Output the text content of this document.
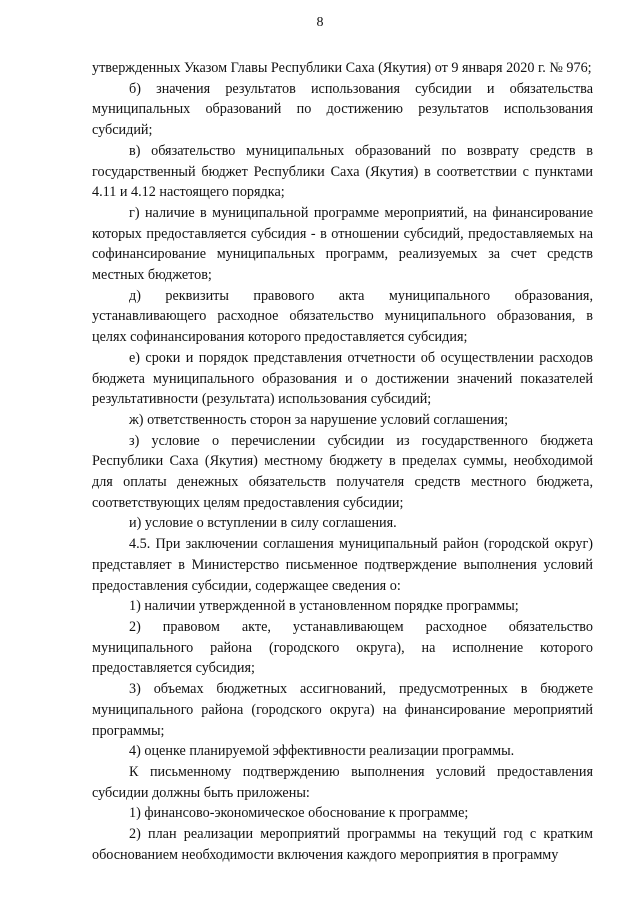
8

утвержденных Указом Главы Республики Саха (Якутия) от 9 января 2020 г. № 976;

б) значения результатов использования субсидии и обязательства муниципальных образований по достижению результатов использования субсидий;

в) обязательство муниципальных образований по возврату средств в государственный бюджет Республики Саха (Якутия) в соответствии с пунктами 4.11 и 4.12 настоящего порядка;

г) наличие в муниципальной программе мероприятий, на финансирование которых предоставляется субсидия - в отношении субсидий, предоставляемых на софинансирование муниципальных программ, реализуемых за счет средств местных бюджетов;

д) реквизиты правового акта муниципального образования, устанавливающего расходное обязательство муниципального образования, в целях софинансирования которого предоставляется субсидия;

е) сроки и порядок представления отчетности об осуществлении расходов бюджета муниципального образования и о достижении значений показателей результативности (результата) использования субсидий;

ж) ответственность сторон за нарушение условий соглашения;

з) условие о перечислении субсидии из государственного бюджета Республики Саха (Якутия) местному бюджету в пределах суммы, необходимой для оплаты денежных обязательств получателя средств местного бюджета, соответствующих целям предоставления субсидии;

и) условие о вступлении в силу соглашения.

4.5. При заключении соглашения муниципальный район (городской округ) представляет в Министерство письменное подтверждение выполнения условий предоставления субсидии, содержащее сведения о:

1) наличии утвержденной в установленном порядке программы;

2) правовом акте, устанавливающем расходное обязательство муниципального района (городского округа), на исполнение которого предоставляется субсидия;

3) объемах бюджетных ассигнований, предусмотренных в бюджете муниципального района (городского округа) на финансирование мероприятий программы;

4) оценке планируемой эффективности реализации программы.

К письменному подтверждению выполнения условий предоставления субсидии должны быть приложены:

1) финансово-экономическое обоснование к программе;

2) план реализации мероприятий программы на текущий год с кратким обоснованием необходимости включения каждого мероприятия в программу
